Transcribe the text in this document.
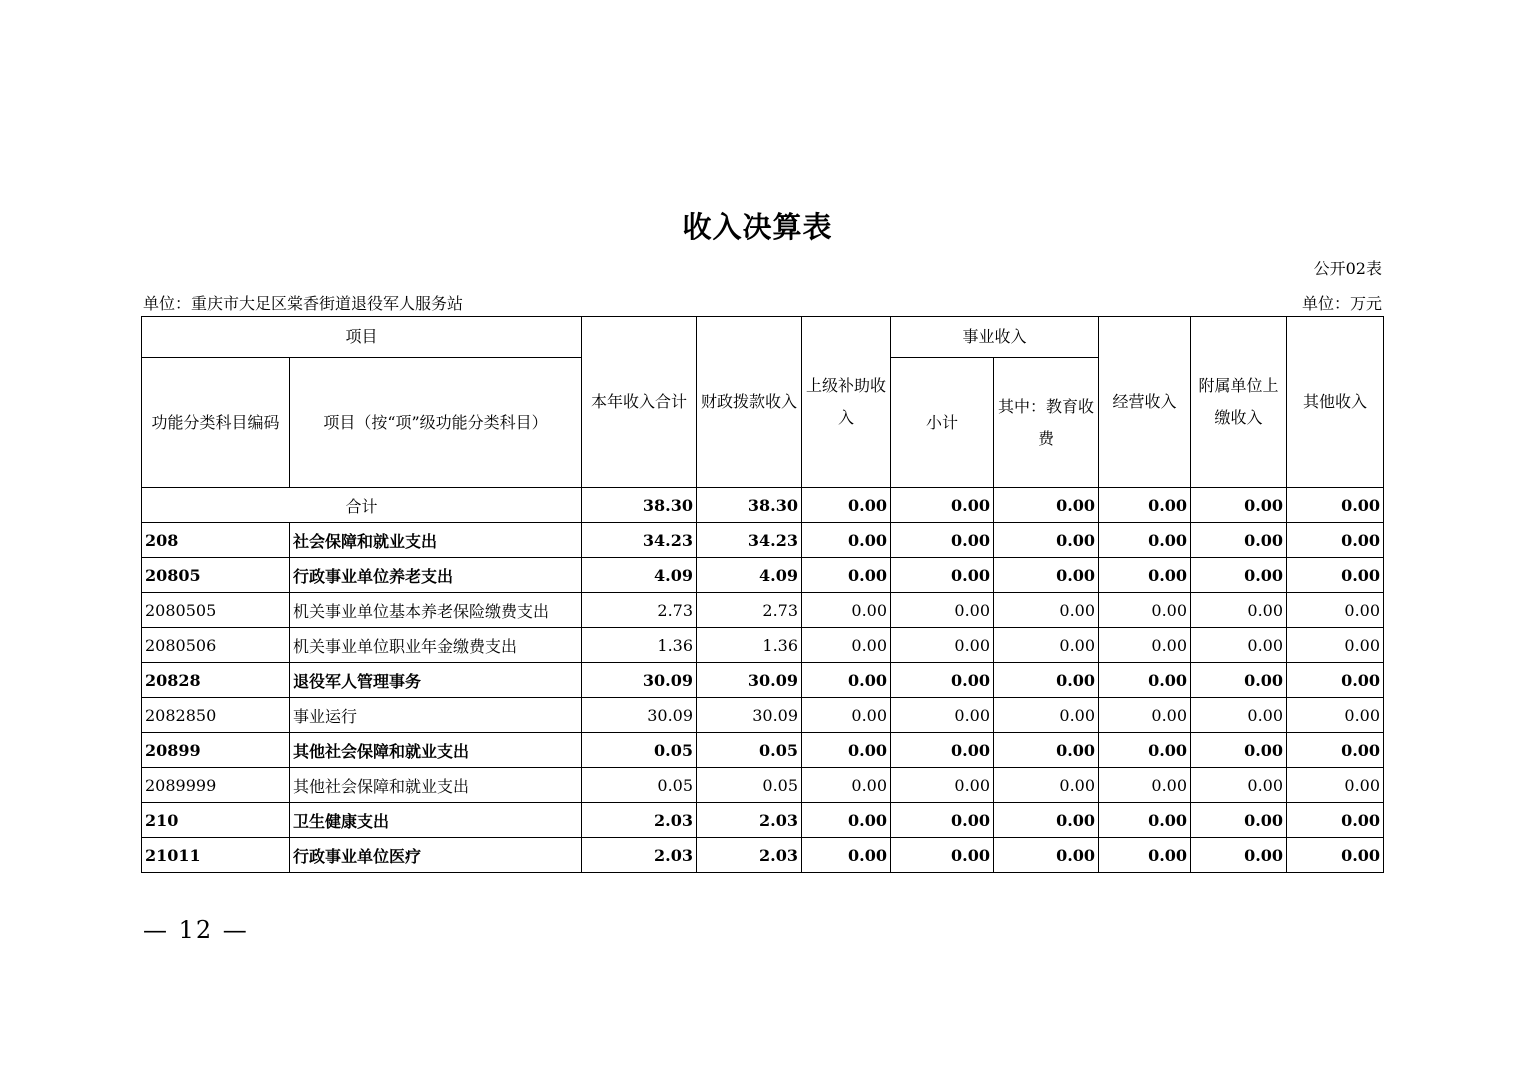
收入决算表
公开02表
单位：重庆市大足区棠香街道退役军人服务站	单位：万元
项目		本年收入合计	财政拨款收入	上级补助收入	事业收入		经营收入	附属单位上缴收入	其他收入
功能分类科目编码	项目（按“项”级功能分类科目）				小计	其中：教育收费			
合计		38.30	38.30	0.00	0.00	0.00	0.00	0.00	0.00
208	社会保障和就业支出	34.23	34.23	0.00	0.00	0.00	0.00	0.00	0.00
20805	行政事业单位养老支出	4.09	4.09	0.00	0.00	0.00	0.00	0.00	0.00
2080505	机关事业单位基本养老保险缴费支出	2.73	2.73	0.00	0.00	0.00	0.00	0.00	0.00
2080506	机关事业单位职业年金缴费支出	1.36	1.36	0.00	0.00	0.00	0.00	0.00	0.00
20828	退役军人管理事务	30.09	30.09	0.00	0.00	0.00	0.00	0.00	0.00
2082850	事业运行	30.09	30.09	0.00	0.00	0.00	0.00	0.00	0.00
20899	其他社会保障和就业支出	0.05	0.05	0.00	0.00	0.00	0.00	0.00	0.00
2089999	其他社会保障和就业支出	0.05	0.05	0.00	0.00	0.00	0.00	0.00	0.00
210	卫生健康支出	2.03	2.03	0.00	0.00	0.00	0.00	0.00	0.00
21011	行政事业单位医疗	2.03	2.03	0.00	0.00	0.00	0.00	0.00	0.00
— 12 —
